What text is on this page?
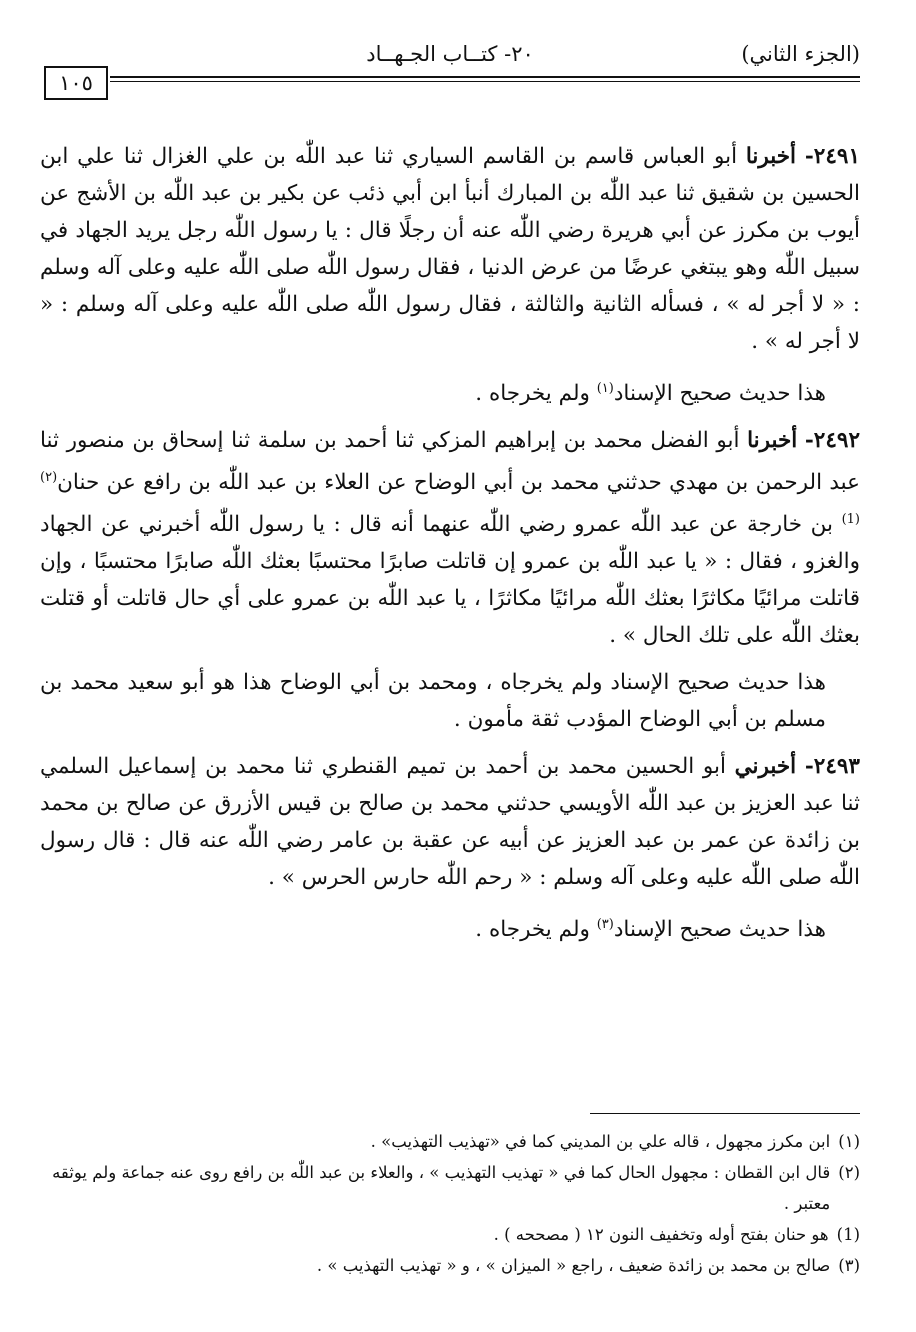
(الجزء الثاني)
٢٠- كتــاب الجـهــاد
١٠٥

٢٤٩١- أخبرنا أبو العباس قاسم بن القاسم السياري ثنا عبد اللّٰه بن علي الغزال ثنا علي ابن الحسين بن شقيق ثنا عبد اللّٰه بن المبارك أنبأ ابن أبي ذئب عن بكير بن عبد اللّٰه بن الأشج عن أيوب بن مكرز عن أبي هريرة رضي اللّٰه عنه أن رجلًا قال : يا رسول اللّٰه رجل يريد الجهاد في سبيل اللّٰه وهو يبتغي عرضًا من عرض الدنيا ، فقال رسول اللّٰه صلى اللّٰه عليه وعلى آله وسلم : « لا أجر له » ، فسأله الثانية والثالثة ، فقال رسول اللّٰه صلى اللّٰه عليه وعلى آله وسلم : « لا أجر له » .

هذا حديث صحيح الإسناد$^{(١)}$ ولم يخرجاه .

٢٤٩٢- أخبرنا أبو الفضل محمد بن إبراهيم المزكي ثنا أحمد بن سلمة ثنا إسحاق بن منصور ثنا عبد الرحمن بن مهدي حدثني محمد بن أبي الوضاح عن العلاء بن عبد اللّٰه بن رافع عن حنان$^{(٢) (1)}$ بن خارجة عن عبد اللّٰه عمرو رضي اللّٰه عنهما أنه قال : يا رسول اللّٰه أخبرني عن الجهاد والغزو ، فقال : « يا عبد اللّٰه بن عمرو إن قاتلت صابرًا محتسبًا بعثك اللّٰه صابرًا محتسبًا ، وإن قاتلت مرائيًا مكاثرًا بعثك اللّٰه مرائيًا مكاثرًا ، يا عبد اللّٰه بن عمرو على أي حال قاتلت أو قتلت بعثك اللّٰه على تلك الحال » .

هذا حديث صحيح الإسناد ولم يخرجاه ، ومحمد بن أبي الوضاح هذا هو أبو سعيد محمد بن مسلم بن أبي الوضاح المؤدب ثقة مأمون .

٢٤٩٣- أخبرني أبو الحسين محمد بن أحمد بن تميم القنطري ثنا محمد بن إسماعيل السلمي ثنا عبد العزيز بن عبد اللّٰه الأويسي حدثني محمد بن صالح بن قيس الأزرق عن صالح بن محمد بن زائدة عن عمر بن عبد العزيز عن أبيه عن عقبة بن عامر رضي اللّٰه عنه قال : قال رسول اللّٰه صلى اللّٰه عليه وعلى آله وسلم : « رحم اللّٰه حارس الحرس » .

هذا حديث صحيح الإسناد$^{(٣)}$ ولم يخرجاه .

(١)
ابن مكرز مجهول ، قاله علي بن المديني كما في «تهذيب التهذيب» .
(٢)
قال ابن القطان : مجهول الحال كما في « تهذيب التهذيب » ، والعلاء بن عبد اللّٰه بن رافع روى عنه جماعة ولم يوثقه معتبر .
(1)
هو حنان بفتح أوله وتخفيف النون ١٢ ( مصححه ) .
(٣)
صالح بن محمد بن زائدة ضعيف ، راجع « الميزان » ، و « تهذيب التهذيب » .
